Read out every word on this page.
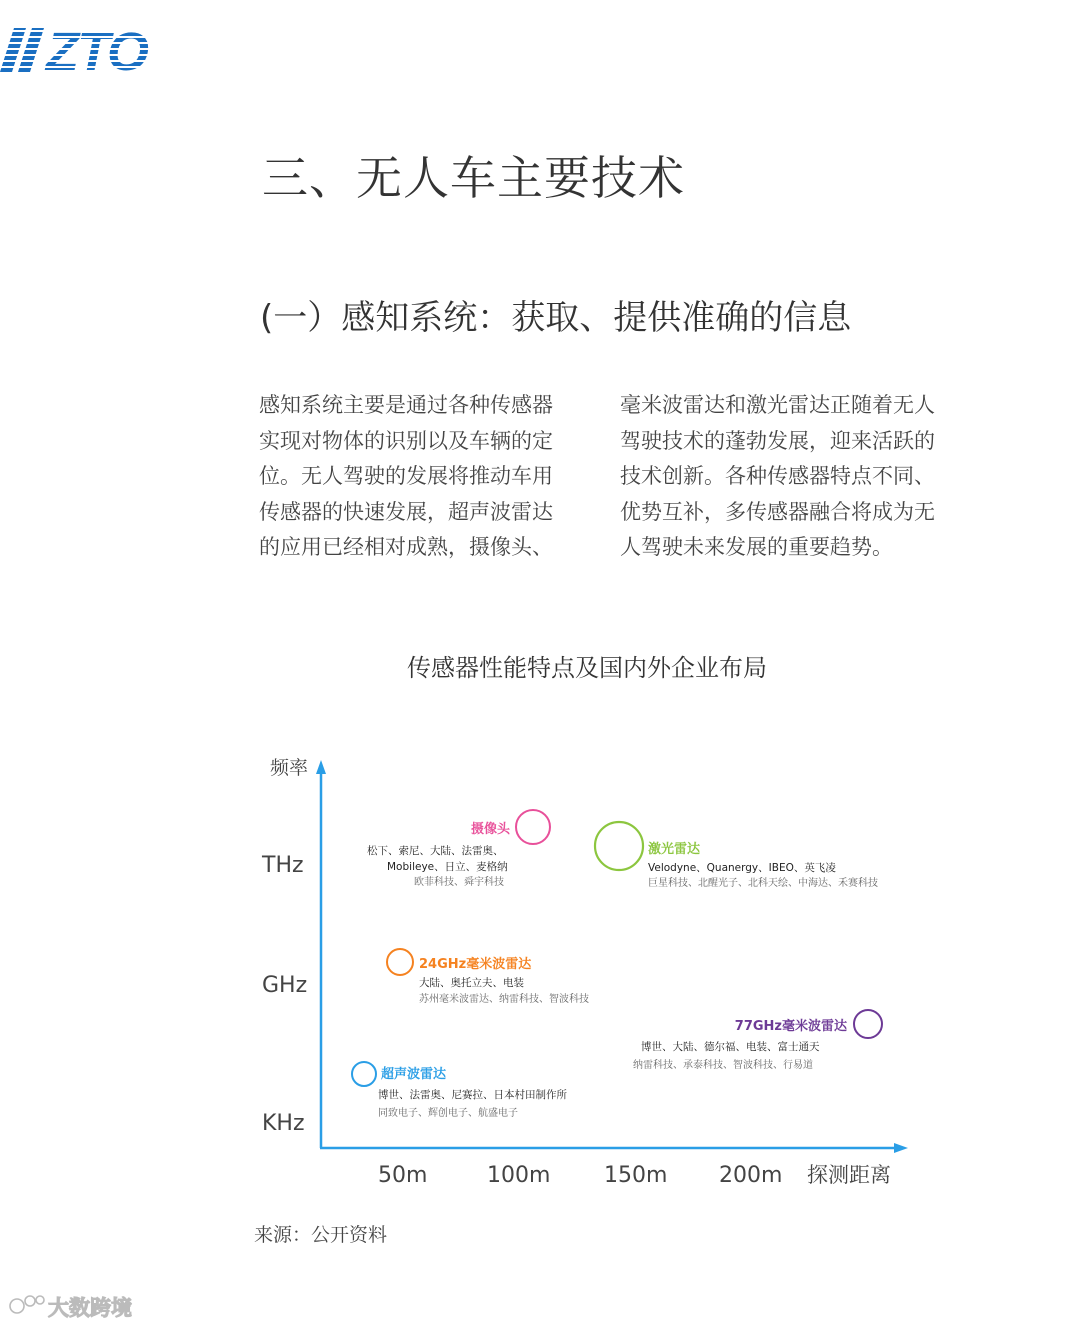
ZTO
三、无人车主要技术
(一）感知系统：获取、提供准确的信息
感知系统主要是通过各种传感器
实现对物体的识别以及车辆的定
位。无人驾驶的发展将推动车用
传感器的快速发展，超声波雷达
的应用已经相对成熟，摄像头、
毫米波雷达和激光雷达正随着无人
驾驶技术的蓬勃发展，迎来活跃的
技术创新。各种传感器特点不同、
优势互补，多传感器融合将成为无
人驾驶未来发展的重要趋势。
传感器性能特点及国内外企业布局
频率
探测距离
THz
GHz
KHz
50m	100m 150m 200m
摄像头
松下、索尼、大陆、法雷奥、
Mobileye、日立、麦格纳
欧菲科技、舜宇科技
激光雷达
Velodyne、Quanergy、IBEO、英飞凌
巨星科技、北醒光子、北科天绘、中海达、禾赛科技
24GHz毫米波雷达
大陆、奥托立夫、电装
苏州毫米波雷达、纳雷科技、智波科技
77GHz毫米波雷达
博世、大陆、德尔福、电装、富士通天
纳雷科技、承泰科技、智波科技、行易道
超声波雷达
博世、法雷奥、尼赛拉、日本村田制作所
同致电子、辉创电子、航盛电子
来源：公开资料
大数跨境
